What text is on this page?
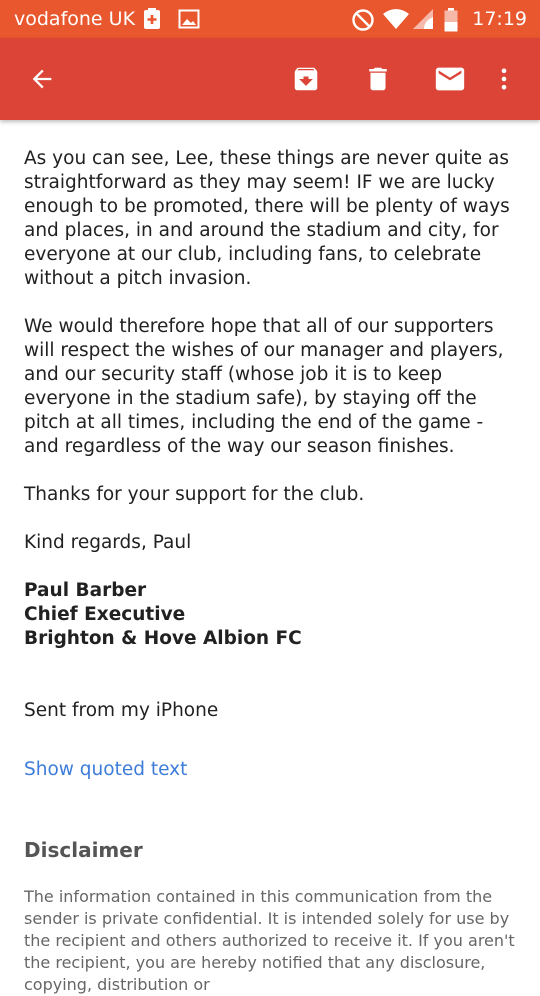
vodafone UK	17:19

As you can see, Lee, these things are never quite as straightforward as they may seem! IF we are lucky enough to be promoted, there will be plenty of ways and places, in and around the stadium and city, for everyone at our club, including fans, to celebrate without a pitch invasion.

We would therefore hope that all of our supporters will respect the wishes of our manager and players, and our security staff (whose job it is to keep everyone in the stadium safe), by staying off the pitch at all times, including the end of the game - and regardless of the way our season finishes.

Thanks for your support for the club.

Kind regards, Paul

Paul Barber
Chief Executive
Brighton & Hove Albion FC
Sent from my iPhone
Show quoted text
Disclaimer
The information contained in this communication from the sender is private confidential. It is intended solely for use by the recipient and others authorized to receive it. If you aren't the recipient, you are hereby notified that any disclosure, copying, distribution or
